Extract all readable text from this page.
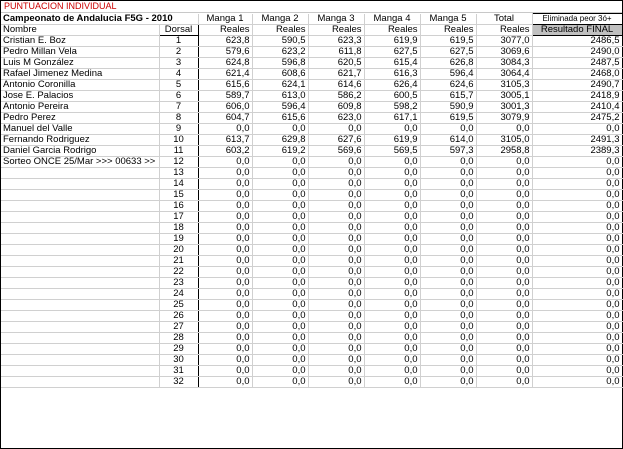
PUNTUACION INDIVIDUAL
Campeonato de Andalucia F5G - 2010		Manga 1	Manga 2	Manga 3	Manga 4	Manga 5	Total	Eliminada peor 3ó+
Nombre	Dorsal	Reales	Reales	Reales	Reales	Reales	Reales	Resultado FINAL
Cristian E. Boz	1	623,8	590,5	623,3	619,9	619,5	3077,0	2486,5
Pedro Millan Vela	2	579,6	623,2	611,8	627,5	627,5	3069,6	2490,0
Luis M González	3	624,8	596,8	620,5	615,4	626,8	3084,3	2487,5
Rafael Jimenez Medina	4	621,4	608,6	621,7	616,3	596,4	3064,4	2468,0
Antonio Coronilla	5	615,6	624,1	614,6	626,4	624,6	3105,3	2490,7
Jose E. Palacios	6	589,7	613,0	586,2	600,5	615,7	3005,1	2418,9
Antonio Pereira	7	606,0	596,4	609,8	598,2	590,9	3001,3	2410,4
Pedro Perez	8	604,7	615,6	623,0	617,1	619,5	3079,9	2475,2
Manuel del Valle	9	0,0	0,0	0,0	0,0	0,0	0,0	0,0
Fernando Rodriguez	10	613,7	629,8	627,6	619,9	614,0	3105,0	2491,3
Daniel Garcia Rodrigo	11	603,2	619,2	569,6	569,5	597,3	2958,8	2389,3
Sorteo ONCE 25/Mar >>> 00633 >>	12	0,0	0,0	0,0	0,0	0,0	0,0	0,0
	13	0,0	0,0	0,0	0,0	0,0	0,0	0,0
	14	0,0	0,0	0,0	0,0	0,0	0,0	0,0
	15	0,0	0,0	0,0	0,0	0,0	0,0	0,0
	16	0,0	0,0	0,0	0,0	0,0	0,0	0,0
	17	0,0	0,0	0,0	0,0	0,0	0,0	0,0
	18	0,0	0,0	0,0	0,0	0,0	0,0	0,0
	19	0,0	0,0	0,0	0,0	0,0	0,0	0,0
	20	0,0	0,0	0,0	0,0	0,0	0,0	0,0
	21	0,0	0,0	0,0	0,0	0,0	0,0	0,0
	22	0,0	0,0	0,0	0,0	0,0	0,0	0,0
	23	0,0	0,0	0,0	0,0	0,0	0,0	0,0
	24	0,0	0,0	0,0	0,0	0,0	0,0	0,0
	25	0,0	0,0	0,0	0,0	0,0	0,0	0,0
	26	0,0	0,0	0,0	0,0	0,0	0,0	0,0
	27	0,0	0,0	0,0	0,0	0,0	0,0	0,0
	28	0,0	0,0	0,0	0,0	0,0	0,0	0,0
	29	0,0	0,0	0,0	0,0	0,0	0,0	0,0
	30	0,0	0,0	0,0	0,0	0,0	0,0	0,0
	31	0,0	0,0	0,0	0,0	0,0	0,0	0,0
	32	0,0	0,0	0,0	0,0	0,0	0,0	0,0
